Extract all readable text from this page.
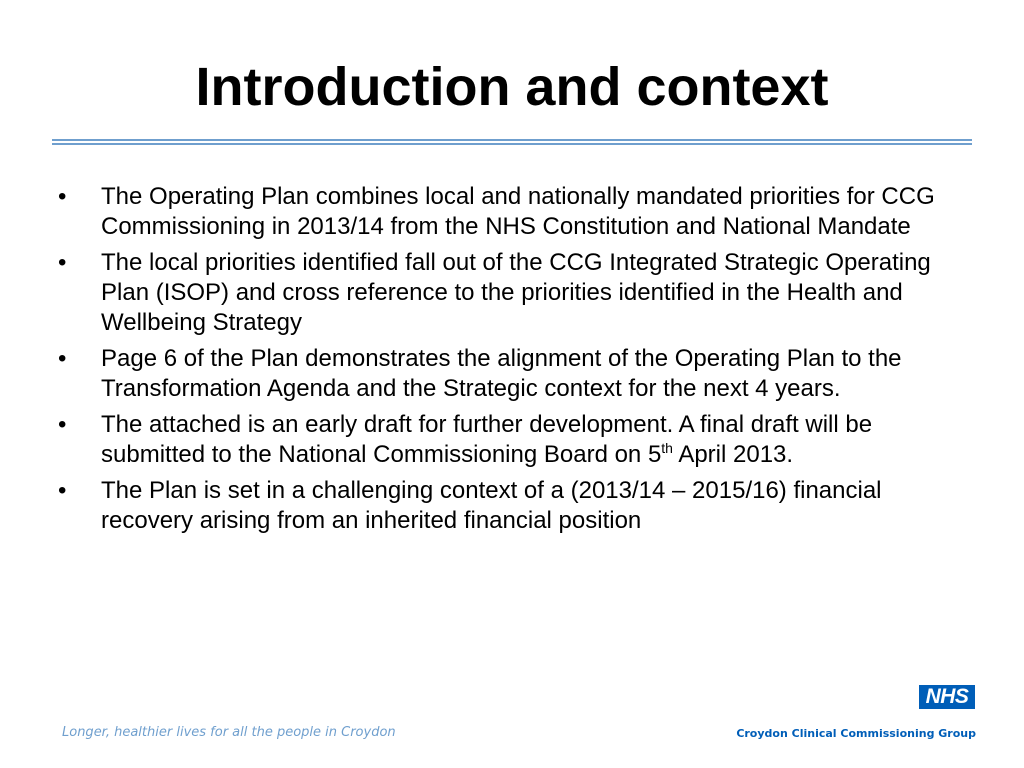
Introduction and context
•	The Operating Plan combines local and nationally mandated priorities for CCG Commissioning in 2013/14 from the NHS Constitution and National Mandate
•	The local priorities identified fall out of the CCG Integrated Strategic Operating Plan (ISOP) and cross reference to the priorities identified in the Health and Wellbeing Strategy
•	Page 6 of the Plan demonstrates the alignment of the Operating Plan to the Transformation Agenda and the Strategic context for the next 4 years.
•	The attached is an early draft for further development. A final draft will be submitted to the National Commissioning Board on 5th April 2013.
•	The Plan is set in a challenging context of a (2013/14 – 2015/16) financial recovery arising from an inherited financial position
Longer, healthier lives for all the people in Croydon
NHS
Croydon Clinical Commissioning Group
